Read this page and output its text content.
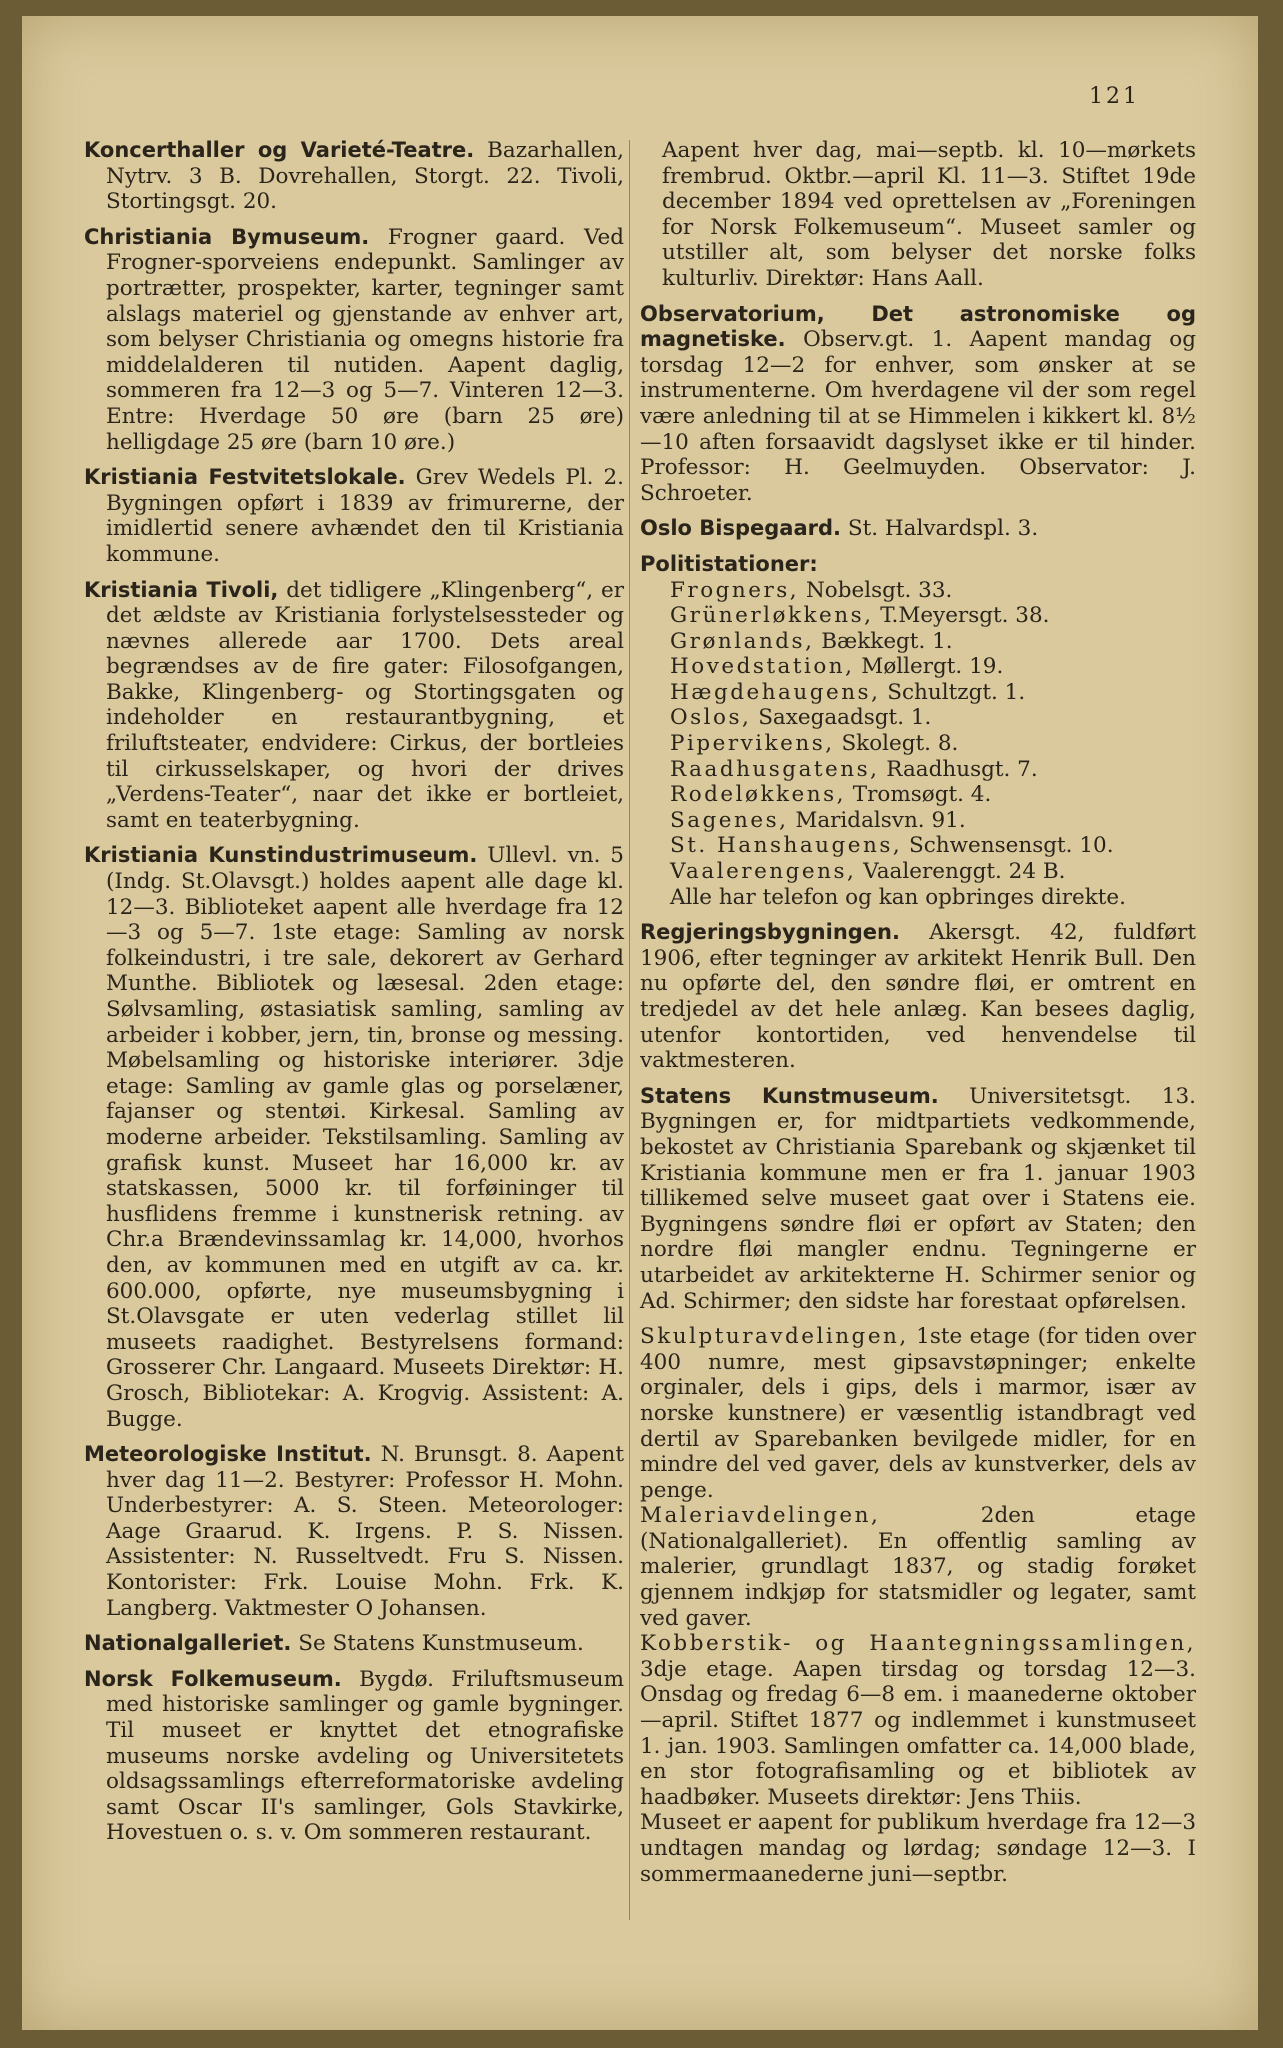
121

Koncerthaller og Varieté-Teatre. Bazarhallen, Nytrv. 3 B. Dovrehallen, Storgt. 22. Tivoli, Stortingsgt. 20.

Christiania Bymuseum. Frogner gaard. Ved Frogner-sporveiens endepunkt. Samlinger av portrætter, prospekter, karter, tegninger samt alslags materiel og gjenstande av enhver art, som belyser Christiania og omegns historie fra middelalderen til nutiden. Aapent daglig, sommeren fra 12—3 og 5—7. Vinteren 12—3. Entre: Hverdage 50 øre (barn 25 øre) helligdage 25 øre (barn 10 øre.)

Kristiania Festvitetslokale. Grev Wedels Pl. 2. Bygningen opført i 1839 av frimurerne, der imidlertid senere avhændet den til Kristiania kommune.

Kristiania Tivoli, det tidligere „Klingenberg“, er det ældste av Kristiania forlystelsessteder og nævnes allerede aar 1700. Dets areal begrændses av de fire gater: Filosofgangen, Bakke, Klingenberg- og Stortingsgaten og indeholder en restaurantbygning, et friluftsteater, endvidere: Cirkus, der bortleies til cirkusselskaper, og hvori der drives „Verdens-Teater“, naar det ikke er bortleiet, samt en teaterbygning.

Kristiania Kunstindustrimuseum. Ullevl. vn. 5 (Indg. St.Olavsgt.) holdes aapent alle dage kl. 12—3. Biblioteket aapent alle hverdage fra 12—3 og 5—7. 1ste etage: Samling av norsk folkeindustri, i tre sale, dekorert av Gerhard Munthe. Bibliotek og læsesal. 2den etage: Sølvsamling, østasiatisk samling, samling av arbeider i kobber, jern, tin, bronse og messing. Møbelsamling og historiske interiører. 3dje etage: Samling av gamle glas og porselæner, fajanser og stentøi. Kirkesal. Samling av moderne arbeider. Tekstilsamling. Samling av grafisk kunst. Museet har 16,000 kr. av statskassen, 5000 kr. til forføininger til husflidens fremme i kunstnerisk retning. av Chr.a Brændevinssamlag kr. 14,000, hvorhos den, av kommunen med en utgift av ca. kr. 600.000, opførte, nye museumsbygning i St.Olavsgate er uten vederlag stillet lil museets raadighet. Bestyrelsens formand: Grosserer Chr. Langaard. Museets Direktør: H. Grosch, Bibliotekar: A. Krogvig. Assistent: A. Bugge.

Meteorologiske Institut. N. Brunsgt. 8. Aapent hver dag 11—2. Bestyrer: Professor H. Mohn. Underbestyrer: A. S. Steen. Meteorologer: Aage Graarud. K. Irgens. P. S. Nissen. Assistenter: N. Russeltvedt. Fru S. Nissen. Kontorister: Frk. Louise Mohn. Frk. K. Langberg. Vaktmester O Johansen.

Nationalgalleriet. Se Statens Kunstmuseum.

Norsk Folkemuseum. Bygdø. Friluftsmuseum med historiske samlinger og gamle bygninger. Til museet er knyttet det etnografiske museums norske avdeling og Universitetets oldsagssamlings efterreformatoriske avdeling samt Oscar II's samlinger, Gols Stavkirke, Hovestuen o. s. v. Om sommeren restaurant.

Aapent hver dag, mai—septb. kl. 10—mørkets frembrud. Oktbr.—april Kl. 11—3. Stiftet 19de december 1894 ved oprettelsen av „Foreningen for Norsk Folkemuseum“. Museet samler og utstiller alt, som belyser det norske folks kulturliv. Direktør: Hans Aall.

Observatorium, Det astronomiske og magnetiske. Observ.gt. 1. Aapent mandag og torsdag 12—2 for enhver, som ønsker at se instrumenterne. Om hverdagene vil der som regel være anledning til at se Himmelen i kikkert kl. 8½—10 aften forsaavidt dagslyset ikke er til hinder. Professor: H. Geelmuyden. Observator: J. Schroeter.

Oslo Bispegaard. St. Halvardspl. 3.

Politistationer:

Frogners, Nobelsgt. 33.

Grünerløkkens, T.Meyersgt. 38.

Grønlands, Bækkegt. 1.

Hovedstation, Møllergt. 19.

Hægdehaugens, Schultzgt. 1.

Oslos, Saxegaadsgt. 1.

Pipervikens, Skolegt. 8.

Raadhusgatens, Raadhusgt. 7.

Rodeløkkens, Tromsøgt. 4.

Sagenes, Maridalsvn. 91.

St. Hanshaugens, Schwensensgt. 10.

Vaalerengens, Vaalerenggt. 24 B.

Alle har telefon og kan opbringes direkte.

Regjeringsbygningen. Akersgt. 42, fuldført 1906, efter tegninger av arkitekt Henrik Bull. Den nu opførte del, den søndre fløi, er omtrent en tredjedel av det hele anlæg. Kan besees daglig, utenfor kontortiden, ved henvendelse til vaktmesteren.

Statens Kunstmuseum. Universitetsgt. 13. Bygningen er, for midtpartiets vedkommende, bekostet av Christiania Sparebank og skjænket til Kristiania kommune men er fra 1. januar 1903 tillikemed selve museet gaat over i Statens eie. Bygningens søndre fløi er opført av Staten; den nordre fløi mangler endnu. Tegningerne er utarbeidet av arkitekterne H. Schirmer senior og Ad. Schirmer; den sidste har forestaat opførelsen.

Skulpturavdelingen, 1ste etage (for tiden over 400 numre, mest gipsavstøpninger; enkelte orginaler, dels i gips, dels i marmor, især av norske kunstnere) er væsentlig istandbragt ved dertil av Sparebanken bevilgede midler, for en mindre del ved gaver, dels av kunstverker, dels av penge.

Maleriavdelingen, 2den etage (Nationalgalleriet). En offentlig samling av malerier, grundlagt 1837, og stadig forøket gjennem indkjøp for statsmidler og legater, samt ved gaver.

Kobberstik- og Haantegningssamlingen, 3dje etage. Aapen tirsdag og torsdag 12—3. Onsdag og fredag 6—8 em. i maanederne oktober—april. Stiftet 1877 og indlemmet i kunstmuseet 1. jan. 1903. Samlingen omfatter ca. 14,000 blade, en stor fotografisamling og et bibliotek av haadbøker. Museets direktør: Jens Thiis.

Museet er aapent for publikum hverdage fra 12—3 undtagen mandag og lørdag; søndage 12—3. I sommermaanederne juni—septbr.
